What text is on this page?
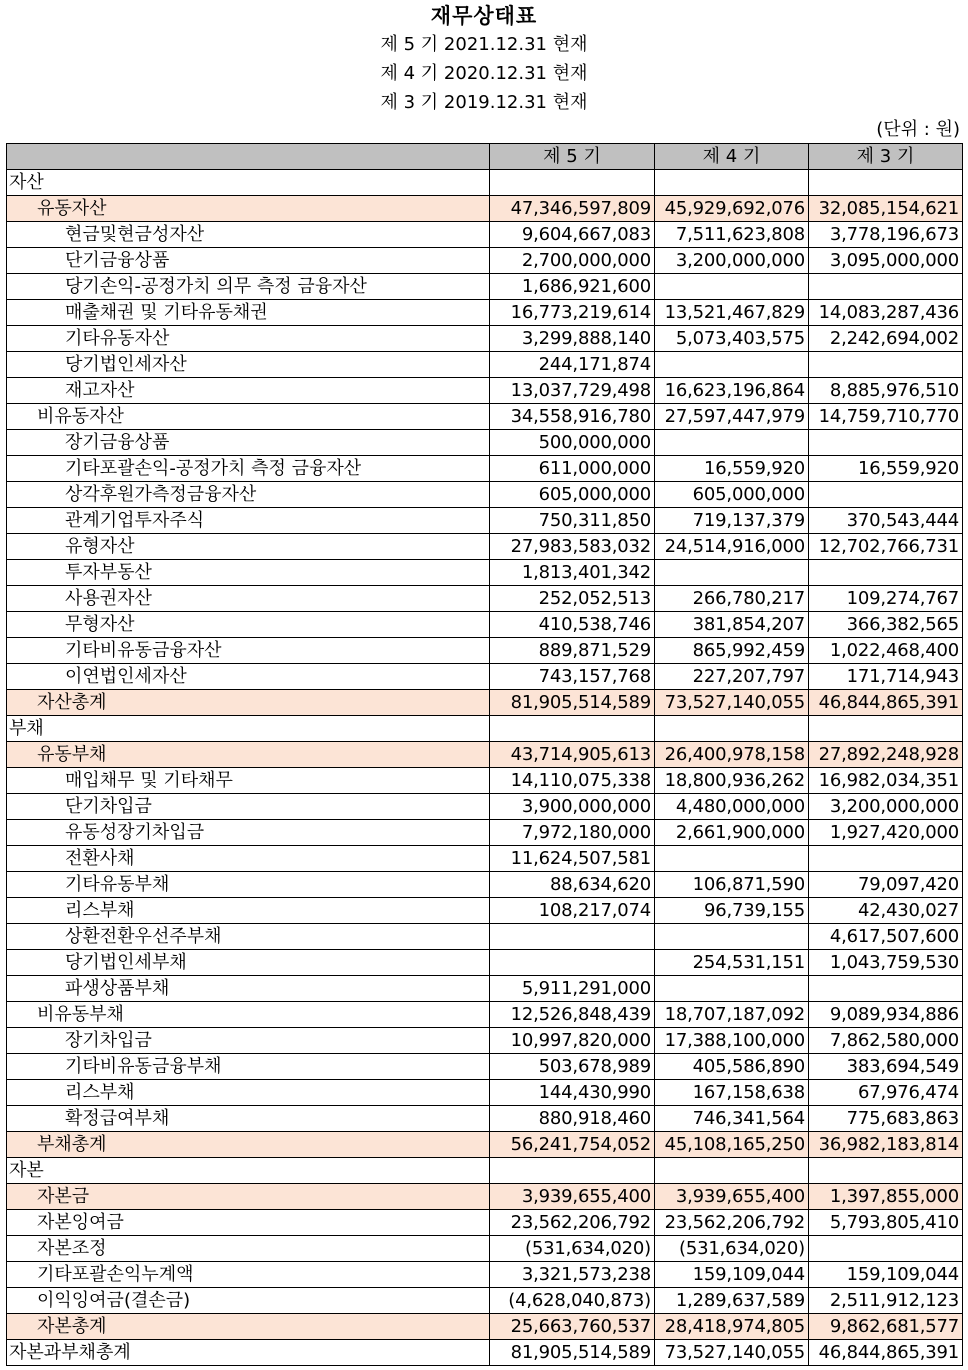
재무상태표
제 5 기 2021.12.31 현재
제 4 기 2020.12.31 현재
제 3 기 2019.12.31 현재
(단위 : 원)
	제 5 기	제 4 기	제 3 기
자산			
유동자산	47,346,597,809	45,929,692,076	32,085,154,621
현금및현금성자산	9,604,667,083	7,511,623,808	3,778,196,673
단기금융상품	2,700,000,000	3,200,000,000	3,095,000,000
당기손익-공정가치 의무 측정 금융자산	1,686,921,600		
매출채권 및 기타유동채권	16,773,219,614	13,521,467,829	14,083,287,436
기타유동자산	3,299,888,140	5,073,403,575	2,242,694,002
당기법인세자산	244,171,874		
재고자산	13,037,729,498	16,623,196,864	8,885,976,510
비유동자산	34,558,916,780	27,597,447,979	14,759,710,770
장기금융상품	500,000,000		
기타포괄손익-공정가치 측정 금융자산	611,000,000	16,559,920	16,559,920
상각후원가측정금융자산	605,000,000	605,000,000	
관계기업투자주식	750,311,850	719,137,379	370,543,444
유형자산	27,983,583,032	24,514,916,000	12,702,766,731
투자부동산	1,813,401,342		
사용권자산	252,052,513	266,780,217	109,274,767
무형자산	410,538,746	381,854,207	366,382,565
기타비유동금융자산	889,871,529	865,992,459	1,022,468,400
이연법인세자산	743,157,768	227,207,797	171,714,943
자산총계	81,905,514,589	73,527,140,055	46,844,865,391
부채			
유동부채	43,714,905,613	26,400,978,158	27,892,248,928
매입채무 및 기타채무	14,110,075,338	18,800,936,262	16,982,034,351
단기차입금	3,900,000,000	4,480,000,000	3,200,000,000
유동성장기차입금	7,972,180,000	2,661,900,000	1,927,420,000
전환사채	11,624,507,581		
기타유동부채	88,634,620	106,871,590	79,097,420
리스부채	108,217,074	96,739,155	42,430,027
상환전환우선주부채			4,617,507,600
당기법인세부채		254,531,151	1,043,759,530
파생상품부채	5,911,291,000		
비유동부채	12,526,848,439	18,707,187,092	9,089,934,886
장기차입금	10,997,820,000	17,388,100,000	7,862,580,000
기타비유동금융부채	503,678,989	405,586,890	383,694,549
리스부채	144,430,990	167,158,638	67,976,474
확정급여부채	880,918,460	746,341,564	775,683,863
부채총계	56,241,754,052	45,108,165,250	36,982,183,814
자본			
자본금	3,939,655,400	3,939,655,400	1,397,855,000
자본잉여금	23,562,206,792	23,562,206,792	5,793,805,410
자본조정	(531,634,020)	(531,634,020)	
기타포괄손익누계액	3,321,573,238	159,109,044	159,109,044
이익잉여금(결손금)	(4,628,040,873)	1,289,637,589	2,511,912,123
자본총계	25,663,760,537	28,418,974,805	9,862,681,577
자본과부채총계	81,905,514,589	73,527,140,055	46,844,865,391
